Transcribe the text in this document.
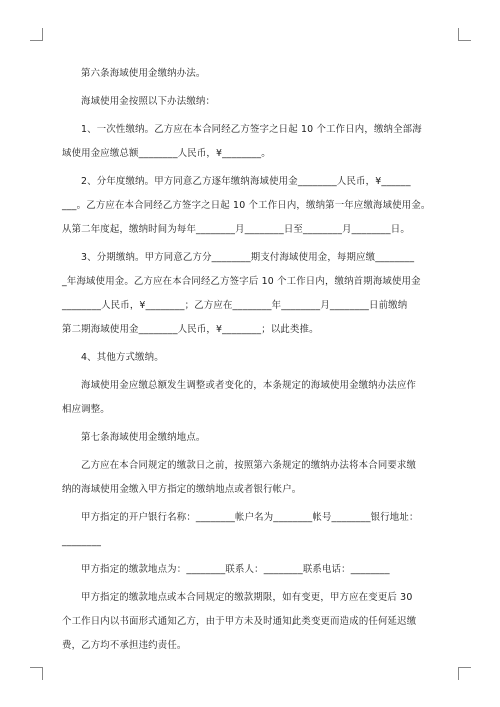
第六条海域使用金缴纳办法。

海域使用金按照以下办法缴纳：

1、一次性缴纳。乙方应在本合同经乙方签字之日起 10 个工作日内，缴纳全部海
域使用金应缴总额________人民币，¥________。

2、分年度缴纳。甲方同意乙方逐年缴纳海域使用金________人民币，¥______
___。乙方应在本合同经乙方签字之日起 10 个工作日内，缴纳第一年应缴海域使用金。
从第二年度起，缴纳时间为每年________月________日至________月________日。

3、分期缴纳。甲方同意乙方分________期支付海域使用金，每期应缴________
_年海域使用金。乙方应在本合同经乙方签字后 10 个工作日内，缴纳首期海域使用金
________人民币，¥________；乙方应在________年________月________日前缴纳
第二期海域使用金________人民币，¥________；以此类推。

4、其他方式缴纳。

海域使用金应缴总额发生调整或者变化的，本条规定的海域使用金缴纳办法应作
相应调整。

第七条海域使用金缴纳地点。

乙方应在本合同规定的缴款日之前，按照第六条规定的缴纳办法将本合同要求缴
纳的海域使用金缴入甲方指定的缴纳地点或者银行帐户。

甲方指定的开户银行名称：________帐户名为________帐号________银行地址：
________

甲方指定的缴款地点为：________联系人：________联系电话：________

甲方指定的缴款地点或本合同规定的缴款期限，如有变更，甲方应在变更后 30
个工作日内以书面形式通知乙方，由于甲方未及时通知此类变更而造成的任何延迟缴
费，乙方均不承担违约责任。
